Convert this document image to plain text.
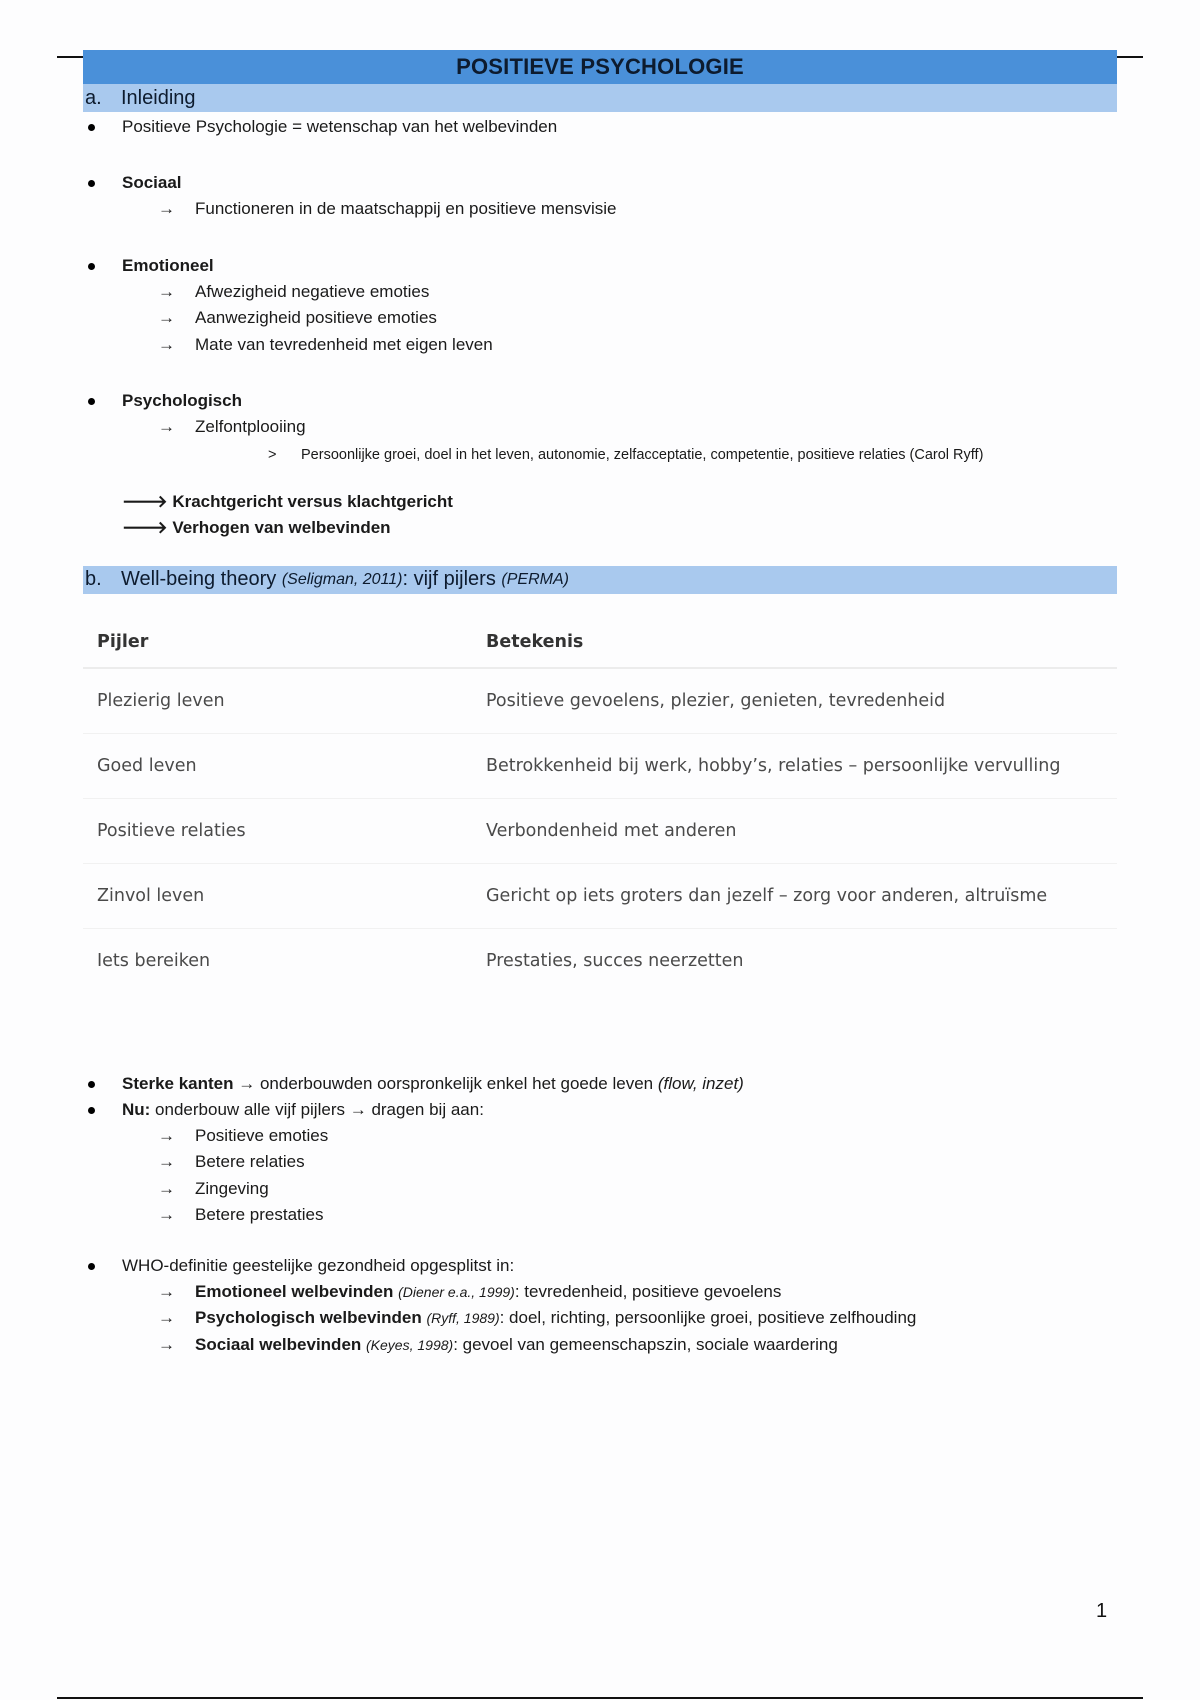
POSITIEVE PSYCHOLOGIE
a. Inleiding
Positieve Psychologie = wetenschap van het welbevinden
Sociaal
→	Functioneren in de maatschappij en positieve mensvisie
Emotioneel
→	Afwezigheid negatieve emoties
→	Aanwezigheid positieve emoties
→	Mate van tevredenheid met eigen leven
Psychologisch
→	Zelfontplooiing
> Persoonlijke groei, doel in het leven, autonomie, zelfacceptatie, competentie, positieve relaties (Carol Ryff)
🡒 Krachtgericht versus klachtgericht
🡒 Verhogen van welbevinden
b. Well-being theory
(Seligman, 2011) : vijf pijlers
(PERMA)
Pijler	Betekenis
Plezierig leven	Positieve gevoelens, plezier, genieten, tevredenheid
Goed leven	Betrokkenheid bij werk, hobby’s, relaties – persoonlijke vervulling
Positieve relaties	Verbondenheid met anderen
Zinvol leven	Gericht op iets groters dan jezelf – zorg voor anderen, altruïsme
Iets bereiken	Prestaties, succes neerzetten
Sterke kanten → onderbouwden oorspronkelijk enkel het goede leven (flow, inzet)
Nu: onderbouw alle vijf pijlers → dragen bij aan:
→	Positieve emoties
→	Betere relaties
→	Zingeving
→	Betere prestaties
WHO-definitie geestelijke gezondheid opgesplitst in:
→	Emotioneel welbevinden (Diener e.a., 1999): tevredenheid, positieve gevoelens
→	Psychologisch welbevinden (Ryff, 1989): doel, richting, persoonlijke groei, positieve zelfhouding
→	Sociaal welbevinden (Keyes, 1998): gevoel van gemeenschapszin, sociale waardering
1
